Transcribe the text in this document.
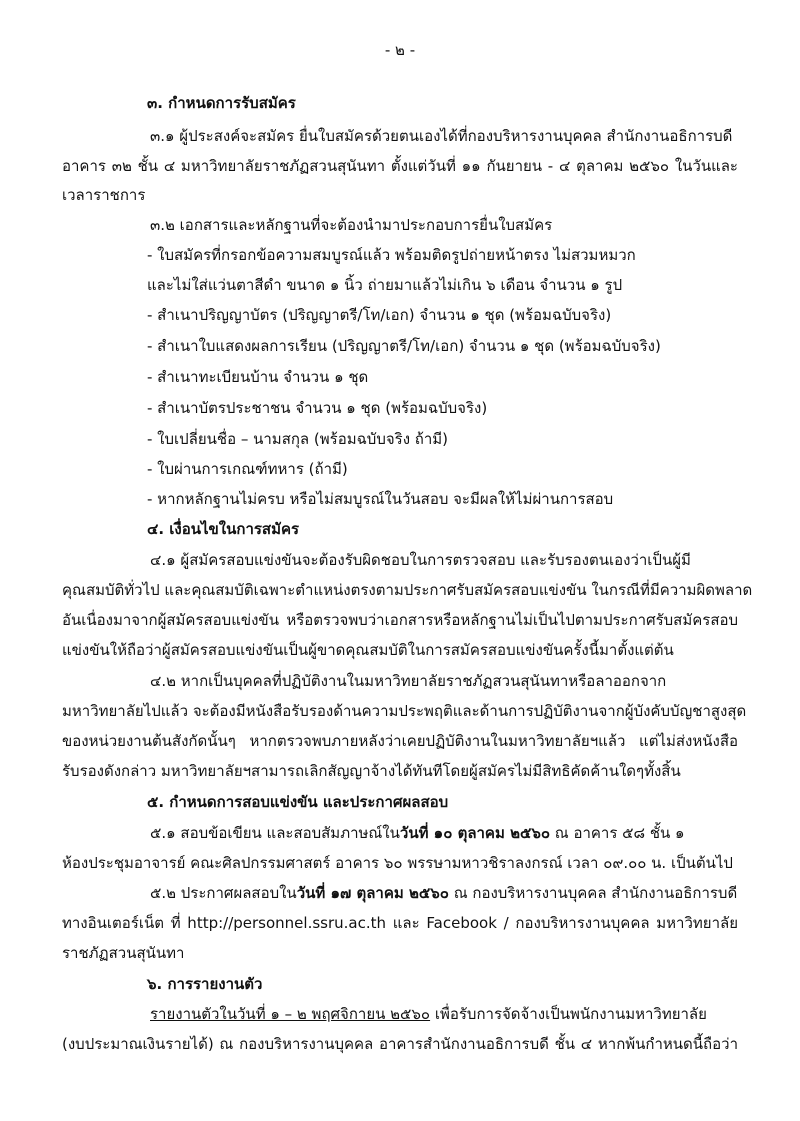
- ๒ -
๓. กำหนดการรับสมัคร
๓.๑ ผู้ประสงค์จะสมัคร ยื่นใบสมัครด้วยตนเองได้ที่กองบริหารงานบุคคล สำนักงานอธิการบดี
อาคาร ๓๒ ชั้น ๔ มหาวิทยาลัยราชภัฏสวนสุนันทา ตั้งแต่วันที่ ๑๑ กันยายน - ๔ ตุลาคม ๒๕๖๐ ในวันและ
เวลาราชการ
๓.๒ เอกสารและหลักฐานที่จะต้องนำมาประกอบการยื่นใบสมัคร
- ใบสมัครที่กรอกข้อความสมบูรณ์แล้ว พร้อมติดรูปถ่ายหน้าตรง ไม่สวมหมวก
และไม่ใส่แว่นตาสีดำ ขนาด ๑ นิ้ว ถ่ายมาแล้วไม่เกิน ๖ เดือน จำนวน ๑ รูป
- สำเนาปริญญาบัตร (ปริญญาตรี/โท/เอก) จำนวน ๑ ชุด (พร้อมฉบับจริง)
- สำเนาใบแสดงผลการเรียน (ปริญญาตรี/โท/เอก) จำนวน ๑ ชุด (พร้อมฉบับจริง)
- สำเนาทะเบียนบ้าน จำนวน ๑ ชุด
- สำเนาบัตรประชาชน จำนวน ๑ ชุด (พร้อมฉบับจริง)
- ใบเปลี่ยนชื่อ – นามสกุล (พร้อมฉบับจริง ถ้ามี)
- ใบผ่านการเกณฑ์ทหาร (ถ้ามี)
- หากหลักฐานไม่ครบ หรือไม่สมบูรณ์ในวันสอบ จะมีผลให้ไม่ผ่านการสอบ
๔. เงื่อนไขในการสมัคร
๔.๑ ผู้สมัครสอบแข่งขันจะต้องรับผิดชอบในการตรวจสอบ และรับรองตนเองว่าเป็นผู้มี
คุณสมบัติทั่วไป และคุณสมบัติเฉพาะตำแหน่งตรงตามประกาศรับสมัครสอบแข่งขัน ในกรณีที่มีความผิดพลาด
อันเนื่องมาจากผู้สมัครสอบแข่งขัน หรือตรวจพบว่าเอกสารหรือหลักฐานไม่เป็นไปตามประกาศรับสมัครสอบ
แข่งขันให้ถือว่าผู้สมัครสอบแข่งขันเป็นผู้ขาดคุณสมบัติในการสมัครสอบแข่งขันครั้งนี้มาตั้งแต่ต้น
๔.๒ หากเป็นบุคคลที่ปฏิบัติงานในมหาวิทยาลัยราชภัฏสวนสุนันทาหรือลาออกจาก
มหาวิทยาลัยไปแล้ว จะต้องมีหนังสือรับรองด้านความประพฤติและด้านการปฏิบัติงานจากผู้บังคับบัญชาสูงสุด
ของหน่วยงานต้นสังกัดนั้นๆ หากตรวจพบภายหลังว่าเคยปฏิบัติงานในมหาวิทยาลัยฯแล้ว แต่ไม่ส่งหนังสือ
รับรองดังกล่าว มหาวิทยาลัยฯสามารถเลิกสัญญาจ้างได้ทันทีโดยผู้สมัครไม่มีสิทธิคัดค้านใดๆทั้งสิ้น
๕. กำหนดการสอบแข่งขัน และประกาศผลสอบ
๕.๑ สอบข้อเขียน และสอบสัมภาษณ์ในวันที่ ๑๐ ตุลาคม ๒๕๖๐ ณ อาคาร ๕๘ ชั้น ๑
ห้องประชุมอาจารย์ คณะศิลปกรรมศาสตร์ อาคาร ๖๐ พรรษามหาวชิราลงกรณ์ เวลา ๐๙.๐๐ น. เป็นต้นไป
๕.๒ ประกาศผลสอบในวันที่ ๑๗ ตุลาคม ๒๕๖๐ ณ กองบริหารงานบุคคล สำนักงานอธิการบดี
ทางอินเตอร์เน็ต ที่ http://personnel.ssru.ac.th และ Facebook / กองบริหารงานบุคคล มหาวิทยาลัย
ราชภัฏสวนสุนันทา
๖. การรายงานตัว
รายงานตัวในวันที่ ๑ – ๒ พฤศจิกายน ๒๕๖๐ เพื่อรับการจัดจ้างเป็นพนักงานมหาวิทยาลัย
(งบประมาณเงินรายได้) ณ กองบริหารงานบุคคล อาคารสำนักงานอธิการบดี ชั้น ๔ หากพ้นกำหนดนี้ถือว่า
